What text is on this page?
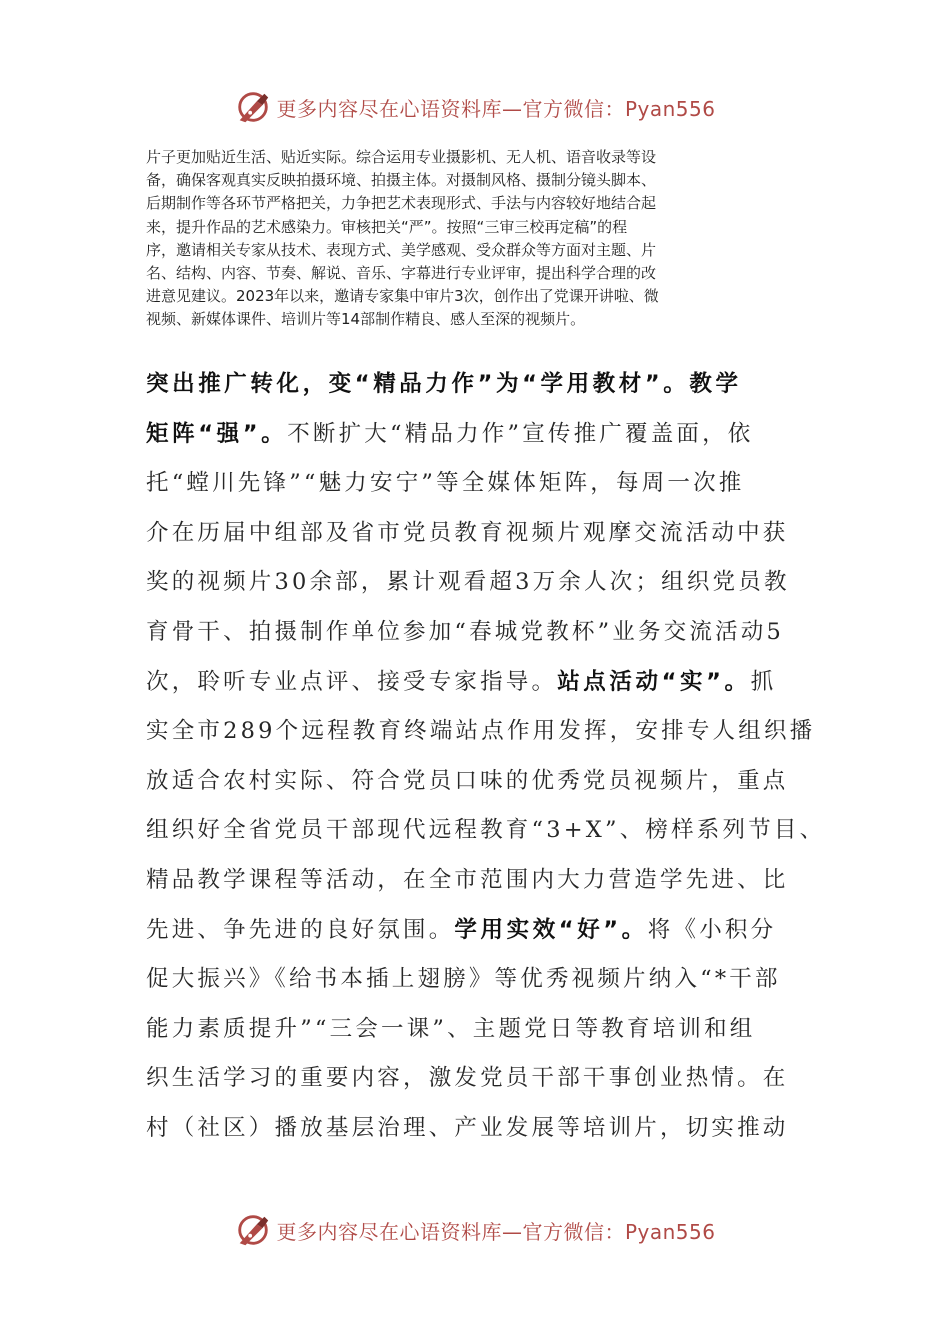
更多内容尽在心语资料库—官方微信：Pyan556
片子更加贴近生活、贴近实际。综合运用专业摄影机、无人机、语音收录等设
备，确保客观真实反映拍摄环境、拍摄主体。对摄制风格、摄制分镜头脚本、
后期制作等各环节严格把关，力争把艺术表现形式、手法与内容较好地结合起
来，提升作品的艺术感染力。审核把关“严”。按照“三审三校再定稿”的程
序，邀请相关专家从技术、表现方式、美学感观、受众群众等方面对主题、片
名、结构、内容、节奏、解说、音乐、字幕进行专业评审，提出科学合理的改
进意见建议。2023年以来，邀请专家集中审片3次，创作出了党课开讲啦、微
视频、新媒体课件、培训片等14部制作精良、感人至深的视频片。
突出推广转化，变“精品力作”为“学用教材”。教学
矩阵“强”。不断扩大“精品力作”宣传推广覆盖面，依
托“螳川先锋”“魅力安宁”等全媒体矩阵，每周一次推
介在历届中组部及省市党员教育视频片观摩交流活动中获
奖的视频片30余部，累计观看超3万余人次；组织党员教
育骨干、拍摄制作单位参加“春城党教杯”业务交流活动5
次，聆听专业点评、接受专家指导。站点活动“实”。抓
实全市289个远程教育终端站点作用发挥，安排专人组织播
放适合农村实际、符合党员口味的优秀党员视频片，重点
组织好全省党员干部现代远程教育“3+X”、榜样系列节目、
精品教学课程等活动，在全市范围内大力营造学先进、比
先进、争先进的良好氛围。学用实效“好”。将《小积分
促大振兴》《给书本插上翅膀》等优秀视频片纳入“*干部
能力素质提升”“三会一课”、主题党日等教育培训和组
织生活学习的重要内容，激发党员干部干事创业热情。在
村（社区）播放基层治理、产业发展等培训片，切实推动
更多内容尽在心语资料库—官方微信：Pyan556
